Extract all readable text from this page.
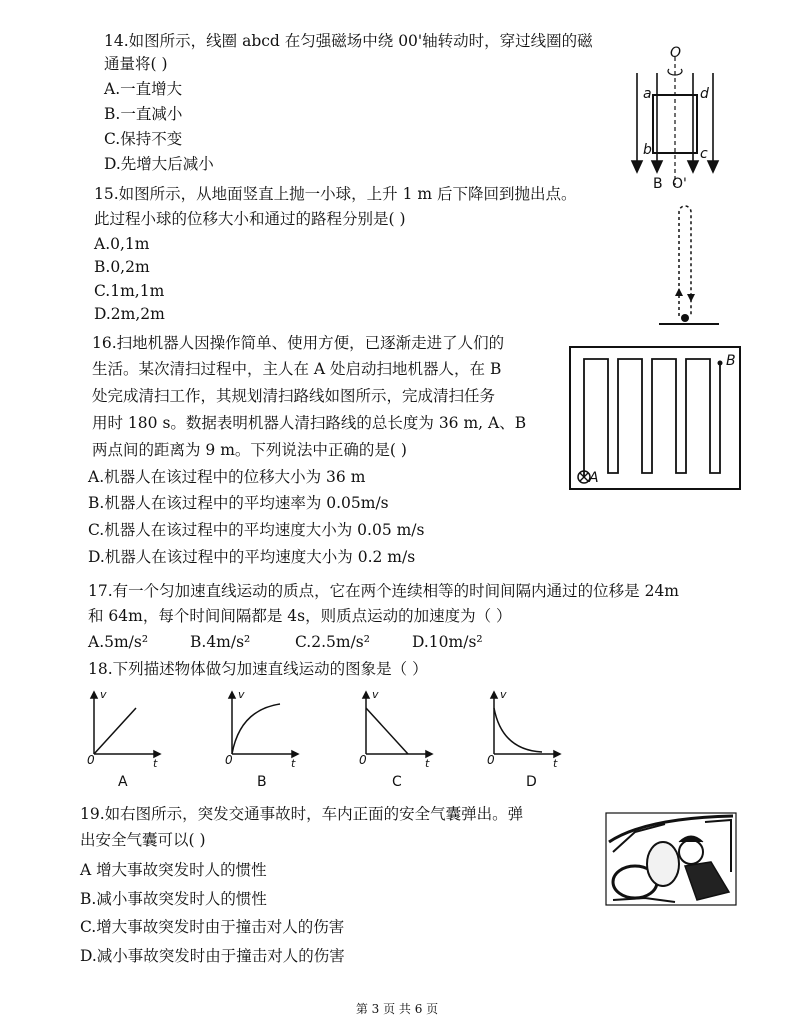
14.如图所示，线圈 abcd 在匀强磁场中绕 00'轴转动时，穿过线圈的磁
通量将( )
A.一直增大
B.一直减小
C.保持不变
D.先增大后减小
O
a	d
b	c
B O'
15.如图所示，从地面竖直上抛一小球，上升 1 m 后下降回到抛出点。
此过程小球的位移大小和通过的路程分别是( )
A.0,1m
B.0,2m
C.1m,1m
D.2m,2m
16.扫地机器人因操作简单、使用方便，已逐渐走进了人们的
生活。某次清扫过程中，主人在 A 处启动扫地机器人，在 B
处完成清扫工作，其规划清扫路线如图所示，完成清扫任务
用时 180 s。数据表明机器人清扫路线的总长度为 36 m, A、B
两点间的距离为 9 m。下列说法中正确的是( )
A.机器人在该过程中的位移大小为 36 m
B.机器人在该过程中的平均速率为 0.05m/s
C.机器人在该过程中的平均速度大小为 0.05 m/s
D.机器人在该过程中的平均速度大小为 0.2 m/s
A
B
17.有一个匀加速直线运动的质点，它在两个连续相等的时间间隔内通过的位移是 24m
和 64m，每个时间间隔都是 4s，则质点运动的加速度为（ ）
A.5m/s²	B.4m/s²	C.2.5m/s²	D.10m/s²
18.下列描述物体做匀加速直线运动的图象是（ ）
v	v	v	v
t	t	t	t
0	0	0	0
A	B	C	D
19.如右图所示，突发交通事故时，车内正面的安全气囊弹出。弹
出安全气囊可以( )
A 增大事故突发时人的惯性
B.减小事故突发时人的惯性
C.增大事故突发时由于撞击对人的伤害
D.减小事故突发时由于撞击对人的伤害
第 3 页 共 6 页
